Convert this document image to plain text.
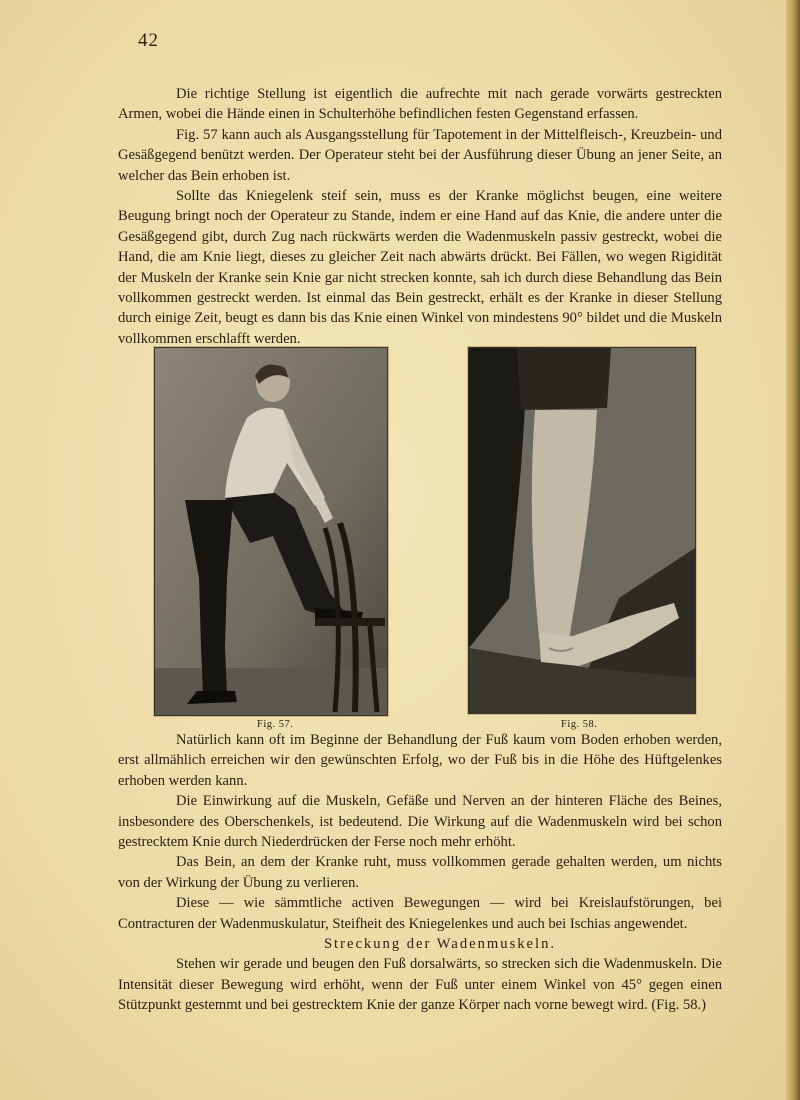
42

Die richtige Stellung ist eigentlich die aufrechte mit nach gerade vorwärts gestreckten Armen, wobei die Hände einen in Schulterhöhe befindlichen festen Gegenstand erfassen.

Fig. 57 kann auch als Ausgangsstellung für Tapotement in der Mittelfleisch-, Kreuzbein- und Gesäßgegend benützt werden. Der Operateur steht bei der Ausführung dieser Übung an jener Seite, an welcher das Bein erhoben ist.

Sollte das Kniegelenk steif sein, muss es der Kranke möglichst beugen, eine weitere Beugung bringt noch der Operateur zu Stande, indem er eine Hand auf das Knie, die andere unter die Gesäßgegend gibt, durch Zug nach rückwärts werden die Wadenmuskeln passiv gestreckt, wobei die Hand, die am Knie liegt, dieses zu gleicher Zeit nach abwärts drückt. Bei Fällen, wo wegen Rigidität der Muskeln der Kranke sein Knie gar nicht strecken konnte, sah ich durch diese Behandlung das Bein vollkommen gestreckt werden. Ist einmal das Bein gestreckt, erhält es der Kranke in dieser Stellung durch einige Zeit, beugt es dann bis das Knie einen Winkel von mindestens 90° bildet und die Muskeln vollkommen erschlafft werden.

Fig. 57.	Fig. 58.

Natürlich kann oft im Beginne der Behandlung der Fuß kaum vom Boden erhoben werden, erst allmählich erreichen wir den gewünschten Erfolg, wo der Fuß bis in die Höhe des Hüftgelenkes erhoben werden kann.

Die Einwirkung auf die Muskeln, Gefäße und Nerven an der hinteren Fläche des Beines, insbesondere des Oberschenkels, ist bedeutend. Die Wirkung auf die Wadenmuskeln wird bei schon gestrecktem Knie durch Niederdrücken der Ferse noch mehr erhöht.

Das Bein, an dem der Kranke ruht, muss vollkommen gerade gehalten werden, um nichts von der Wirkung der Übung zu verlieren.

Diese — wie sämmtliche activen Bewegungen — wird bei Kreislaufstörungen, bei Contracturen der Wadenmuskulatur, Steifheit des Kniegelenkes und auch bei Ischias angewendet.

Streckung der Wadenmuskeln.

Stehen wir gerade und beugen den Fuß dorsalwärts, so strecken sich die Wadenmuskeln. Die Intensität dieser Bewegung wird erhöht, wenn der Fuß unter einem Winkel von 45° gegen einen Stützpunkt gestemmt und bei gestrecktem Knie der ganze Körper nach vorne bewegt wird. (Fig. 58.)
